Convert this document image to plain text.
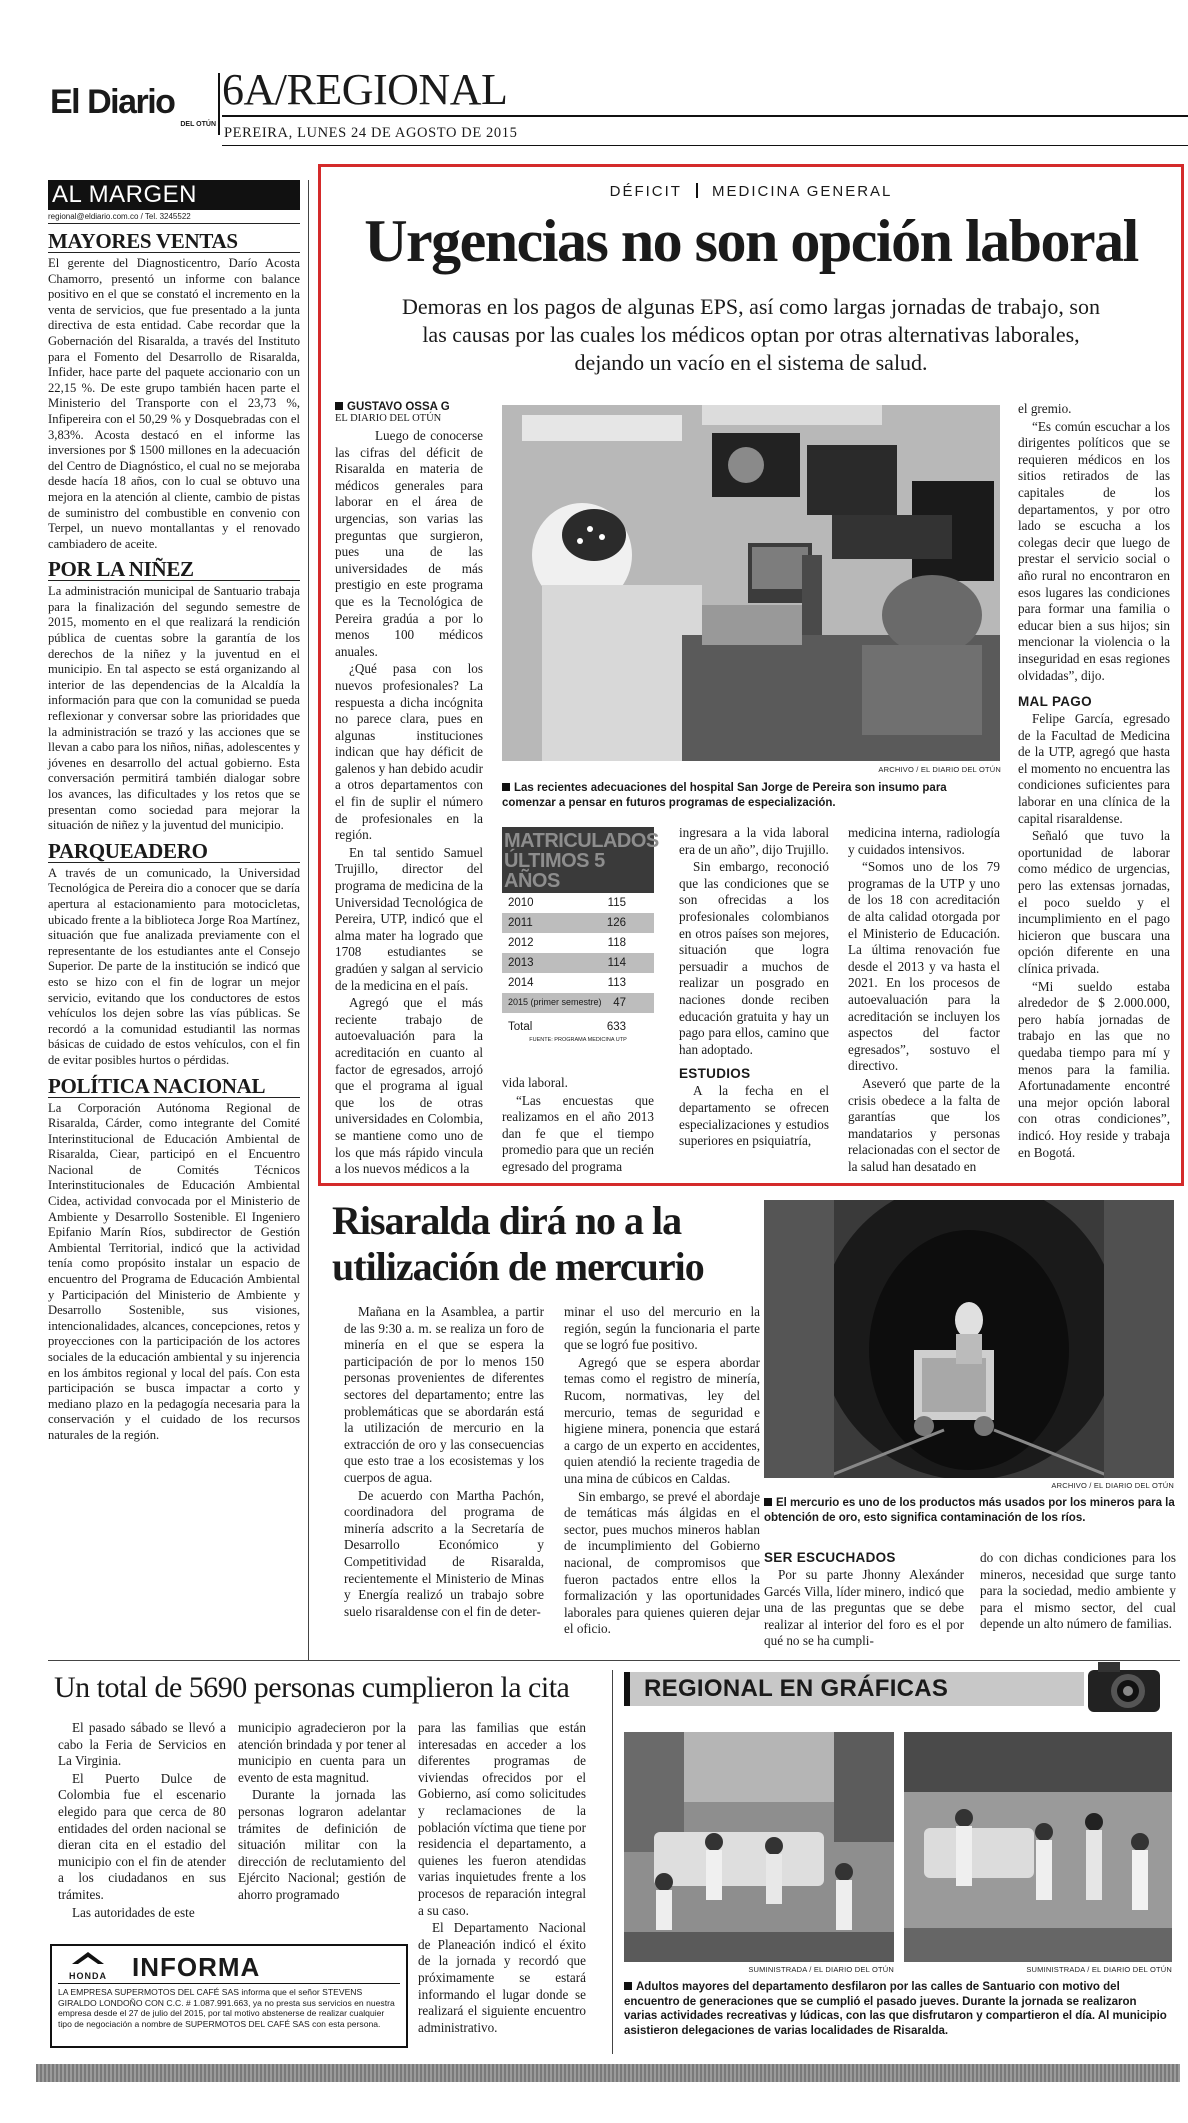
El Diario
DEL OTÚN
6A/REGIONAL
PEREIRA, LUNES 24 DE AGOSTO DE 2015
AL MARGEN
regional@eldiario.com.co / Tel. 3245522
MAYORES VENTAS
El gerente del Diagnosticentro, Darío Acosta Chamorro, presentó un informe con balance positivo en el que se constató el incremento en la venta de servicios, que fue presentado a la junta directiva de esta entidad. Cabe recordar que la Gobernación del Risaralda, a través del Instituto para el Fomento del Desarrollo de Risaralda, Infider, hace parte del paquete accionario con un 22,15 %. De este grupo también hacen parte el Ministerio del Transporte con el 23,73 %, Infipereira con el 50,29 % y Dosquebradas con el 3,83%. Acosta destacó en el informe las inversiones por $ 1500 millones en la adecuación del Centro de Diagnóstico, el cual no se mejoraba desde hacía 18 años, con lo cual se obtuvo una mejora en la atención al cliente, cambio de pistas de suministro del combustible en convenio con Terpel, un nuevo montallantas y el renovado cambiadero de aceite.
POR LA NIÑEZ
La administración municipal de Santuario trabaja para la finalización del segundo semestre de 2015, momento en el que realizará la rendición pública de cuentas sobre la garantía de los derechos de la niñez y la juventud en el municipio. En tal aspecto se está organizando al interior de las dependencias de la Alcaldía la información para que con la comunidad se pueda reflexionar y conversar sobre las prioridades que la administración se trazó y las acciones que se llevan a cabo para los niños, niñas, adolescentes y jóvenes en desarrollo del actual gobierno. Esta conversación permitirá también dialogar sobre los avances, las dificultades y los retos que se presentan como sociedad para mejorar la situación de niñez y la juventud del municipio.
PARQUEADERO
A través de un comunicado, la Universidad Tecnológica de Pereira dio a conocer que se daría apertura al estacionamiento para motocicletas, ubicado frente a la biblioteca Jorge Roa Martínez, situación que fue analizada previamente con el representante de los estudiantes ante el Consejo Superior. De parte de la institución se indicó que esto se hizo con el fin de lograr un mejor servicio, evitando que los conductores de estos vehículos los dejen sobre las vías públicas. Se recordó a la comunidad estudiantil las normas básicas de cuidado de estos vehículos, con el fin de evitar posibles hurtos o pérdidas.
POLÍTICA NACIONAL
La Corporación Autónoma Regional de Risaralda, Cárder, como integrante del Comité Interinstitucional de Educación Ambiental de Risaralda, Ciear, participó en el Encuentro Nacional de Comités Técnicos Interinstitucionales de Educación Ambiental Cidea, actividad convocada por el Ministerio de Ambiente y Desarrollo Sostenible. El Ingeniero Epifanio Marín Ríos, subdirector de Gestión Ambiental Territorial, indicó que la actividad tenía como propósito instalar un espacio de encuentro del Programa de Educación Ambiental y Participación del Ministerio de Ambiente y Desarrollo Sostenible, sus visiones, intencionalidades, alcances, concepciones, retos y proyecciones con la participación de los actores sociales de la educación ambiental y su injerencia en los ámbitos regional y local del país. Con esta participación se busca impactar a corto y mediano plazo en la pedagogía necesaria para la conservación y el cuidado de los recursos naturales de la región.
DÉFICIT MEDICINA GENERAL
Urgencias no son opción laboral
Demoras en los pagos de algunas EPS, así como largas jornadas de trabajo, son las causas por las cuales los médicos optan por otras alternativas laborales, dejando un vacío en el sistema de salud.
GUSTAVO OSSA G
EL DIARIO DEL OTÚN

Luego de conocerse las cifras del déficit de Risaralda en materia de médicos generales para laborar en el área de urgencias, son varias las preguntas que surgieron, pues una de las universidades de más prestigio en este programa que es la Tecnológica de Pereira gradúa a por lo menos 100 médicos anuales.

¿Qué pasa con los nuevos profesionales? La respuesta a dicha incógnita no parece clara, pues en algunas instituciones indican que hay déficit de galenos y han debido acudir a otros departamentos con el fin de suplir el número de profesionales en la región.

En tal sentido Samuel Trujillo, director del programa de medicina de la Universidad Tecnológica de Pereira, UTP, indicó que el alma mater ha logrado que 1708 estudiantes se gradúen y salgan al servicio de la medicina en el país.

Agregó que el más reciente trabajo de autoevaluación para la acreditación en cuanto al factor de egresados, arrojó que el programa al igual que los de otras universidades en Colombia, se mantiene como uno de los que más rápido vincula a los nuevos médicos a la

ARCHIVO / EL DIARIO DEL OTÚN
Las recientes adecuaciones del hospital San Jorge de Pereira son insumo para comenzar a pensar en futuros programas de especialización.
MATRICULADOS
ÚLTIMOS 5 AÑOS
2010	115
2011	126
2012	118
2013	114
2014	113
2015 (primer semestre) 47
Total	633
FUENTE: PROGRAMA MEDICINA UTP

vida laboral.

“Las encuestas que realizamos en el año 2013 dan fe que el tiempo promedio para que un recién egresado del programa

ingresara a la vida laboral era de un año”, dijo Trujillo.

Sin embargo, reconoció que las condiciones que se son ofrecidas a los profesionales colombianos en otros países son mejores, situación que logra persuadir a muchos de realizar un posgrado en naciones donde reciben educación gratuita y hay un pago para ellos, camino que han adoptado.

ESTUDIOS

A la fecha en el departamento se ofrecen especializaciones y estudios superiores en psiquiatría,

medicina interna, radiología y cuidados intensivos.

“Somos uno de los 79 programas de la UTP y uno de los 18 con acreditación de alta calidad otorgada por el Ministerio de Educación. La última renovación fue desde el 2013 y va hasta el 2021. En los procesos de autoevaluación para la acreditación se incluyen los aspectos del factor egresados”, sostuvo el directivo.

Aseveró que parte de la crisis obedece a la falta de garantías que los mandatarios y personas relacionadas con el sector de la salud han desatado en

el gremio.

“Es común escuchar a los dirigentes políticos que se requieren médicos en los sitios retirados de las capitales de los departamentos, y por otro lado se escucha a los colegas decir que luego de prestar el servicio social o año rural no encontraron en esos lugares las condiciones para formar una familia o educar bien a sus hijos; sin mencionar la violencia o la inseguridad en esas regiones olvidadas”, dijo.

MAL PAGO

Felipe García, egresado de la Facultad de Medicina de la UTP, agregó que hasta el momento no encuentra las condiciones suficientes para laborar en una clínica de la capital risaraldense.

Señaló que tuvo la oportunidad de laborar como médico de urgencias, pero las extensas jornadas, el poco sueldo y el incumplimiento en el pago hicieron que buscara una opción diferente en una clínica privada.

“Mi sueldo estaba alrededor de $ 2.000.000, pero había jornadas de trabajo en las que no quedaba tiempo para mí y menos para la familia. Afortunadamente encontré una mejor opción laboral con otras condiciones”, indicó. Hoy reside y trabaja en Bogotá.

Risaralda dirá no a la utilización de mercurio

Mañana en la Asamblea, a partir de las 9:30 a. m. se realiza un foro de minería en el que se espera la participación de por lo menos 150 personas provenientes de diferentes sectores del departamento; entre las problemáticas que se abordarán está la utilización de mercurio en la extracción de oro y las consecuencias que esto trae a los ecosistemas y los cuerpos de agua.

De acuerdo con Martha Pachón, coordinadora del programa de minería adscrito a la Secretaría de Desarrollo Económico y Competitividad de Risaralda, recientemente el Ministerio de Minas y Energía realizó un trabajo sobre suelo risaraldense con el fin de deter-

minar el uso del mercurio en la región, según la funcionaria el parte que se logró fue positivo.

Agregó que se espera abordar temas como el registro de minería, Rucom, normativas, ley del mercurio, temas de seguridad e higiene minera, ponencia que estará a cargo de un experto en accidentes, quien atendió la reciente tragedia de una mina de cúbicos en Caldas.

Sin embargo, se prevé el abordaje de temáticas más álgidas en el sector, pues muchos mineros hablan de incumplimiento del Gobierno nacional, de compromisos que fueron pactados entre ellos la formalización y las oportunidades laborales para quienes quieren dejar el oficio.

ARCHIVO / EL DIARIO DEL OTÚN
El mercurio es uno de los productos más usados por los mineros para la obtención de oro, esto significa contaminación de los ríos.
SER ESCUCHADOS

Por su parte Jhonny Alexánder Garcés Villa, líder minero, indicó que una de las preguntas que se debe realizar al interior del foro es el por qué no se ha cumpli-

do con dichas condiciones para los mineros, necesidad que surge tanto para la sociedad, medio ambiente y para el mismo sector, del cual depende un alto número de familias.

Un total de 5690 personas cumplieron la cita

El pasado sábado se llevó a cabo la Feria de Servicios en La Virginia.

El Puerto Dulce de Colombia fue el escenario elegido para que cerca de 80 entidades del orden nacional se dieran cita en el estadio del municipio con el fin de atender a los ciudadanos en sus trámites.

Las autoridades de este

municipio agradecieron por la atención brindada y por tener al municipio en cuenta para un evento de esta magnitud.

Durante la jornada las personas lograron adelantar trámites de definición de situación militar con la dirección de reclutamiento del Ejército Nacional; gestión de ahorro programado

para las familias que están interesadas en acceder a los diferentes programas de viviendas ofrecidos por el Gobierno, así como solicitudes y reclamaciones de la población víctima que tiene por residencia el departamento, a quienes les fueron atendidas varias inquietudes frente a los procesos de reparación integral a su caso.

El Departamento Nacional de Planeación indicó el éxito de la jornada y recordó que próximamente se estará informando el lugar donde se realizará el siguiente encuentro administrativo.

HONDA INFORMA
LA EMPRESA SUPERMOTOS DEL CAFÉ SAS informa que el señor STEVENS GIRALDO LONDOÑO CON C.C. # 1.087.991.663, ya no presta sus servicios en nuestra empresa desde el 27 de julio del 2015, por tal motivo abstenerse de realizar cualquier tipo de negociación a nombre de SUPERMOTOS DEL CAFÉ SAS con esta persona.
REGIONAL EN GRÁFICAS
SUMINISTRADA / EL DIARIO DEL OTÚN	SUMINISTRADA / EL DIARIO DEL OTÚN
Adultos mayores del departamento desfilaron por las calles de Santuario con motivo del encuentro de generaciones que se cumplió el pasado jueves. Durante la jornada se realizaron varias actividades recreativas y lúdicas, con las que disfrutaron y compartieron el día. Al municipio asistieron delegaciones de varias localidades de Risaralda.
